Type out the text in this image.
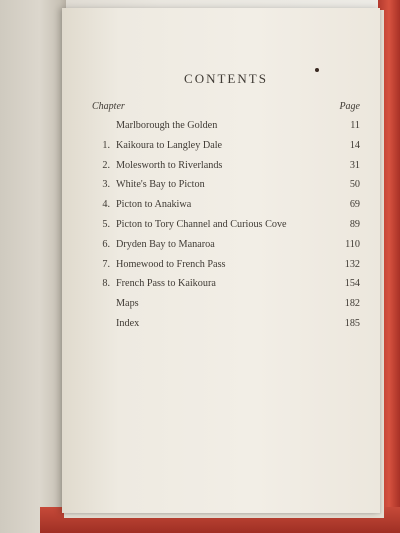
CONTENTS
Chapter	Page
Marlborough the Golden	11
1. Kaikoura to Langley Dale	14
2. Molesworth to Riverlands	31
3. White's Bay to Picton	50
4. Picton to Anakiwa	69
5. Picton to Tory Channel and Curious Cove	89
6. Dryden Bay to Manaroa	110
7. Homewood to French Pass	132
8. French Pass to Kaikoura	154
Maps	182
Index	185
